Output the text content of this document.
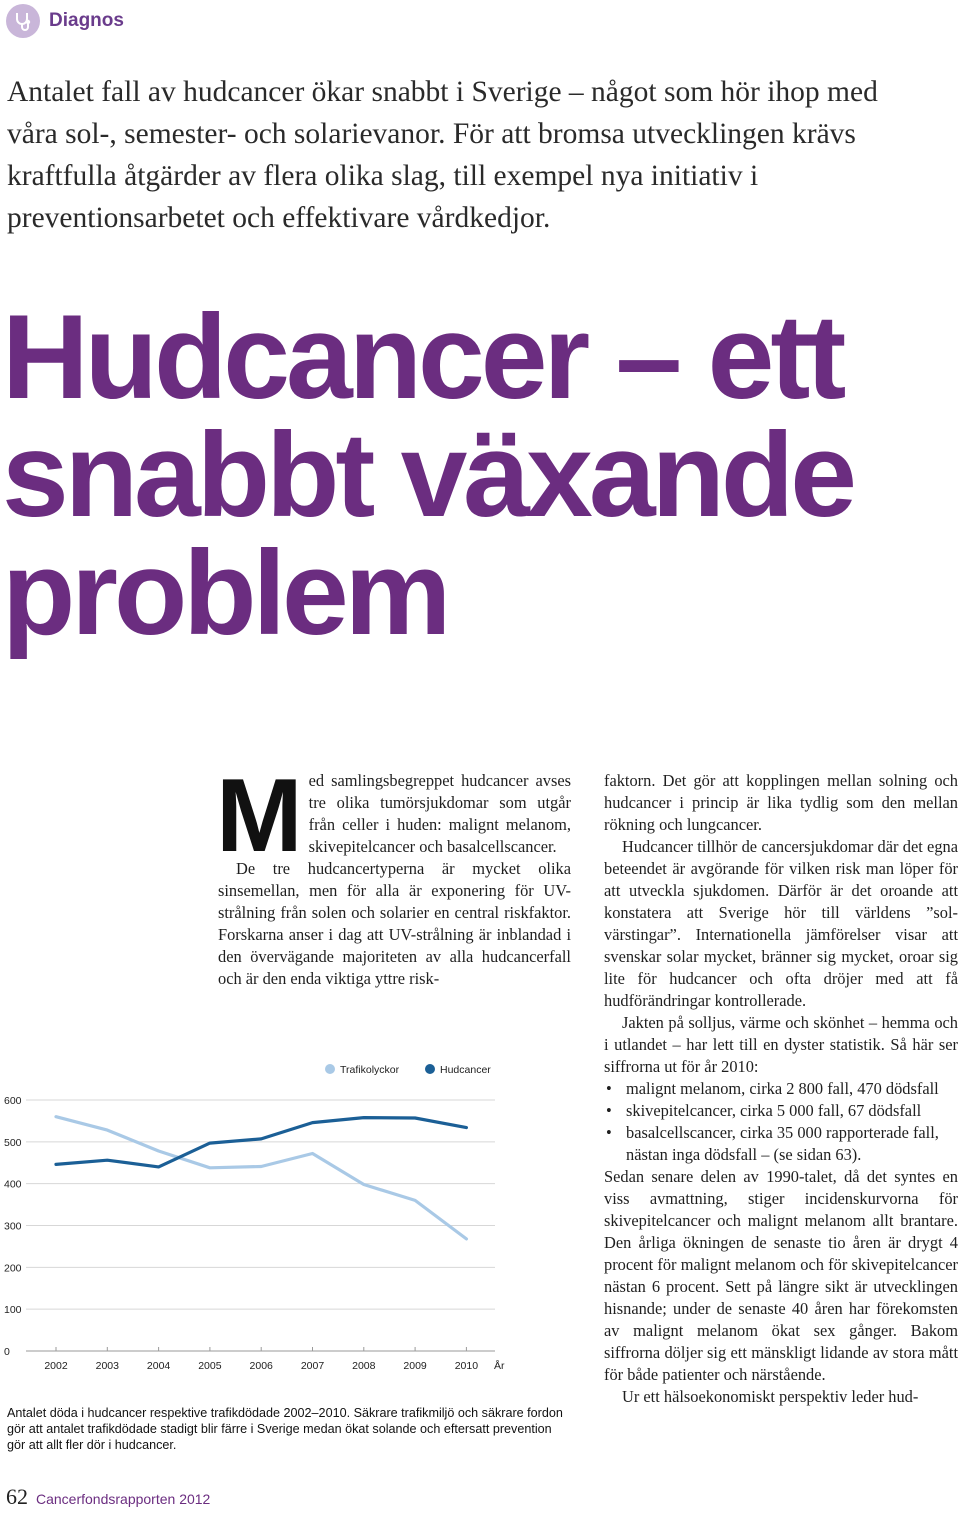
Diagnos
Antalet fall av hudcancer ökar snabbt i Sverige – något som hör ihop med våra sol-, semester- och solarievanor. För att bromsa utvecklingen krävs kraftfulla åtgärder av flera olika slag, till exempel nya initiativ i preventionsarbetet och effektivare vårdkedjor.
Hudcancer – ett snabbt växande problem

Med samlingsbegreppet hudcancer avses tre olika tumörsjukdomar som utgår från celler i huden: malignt melanom, skivepitelcancer och basalcellscancer.

De tre hudcancertyperna är mycket olika sinsemellan, men för alla är exponering för UV-strålning från solen och solarier en central riskfaktor. Forskarna anser i dag att UV-strålning är inblandad i den övervägande majoriteten av alla hudcancerfall och är den enda viktiga yttre risk-

faktorn. Det gör att kopplingen mellan solning och hudcancer i princip är lika tydlig som den mellan rökning och lungcancer.

Hudcancer tillhör de cancersjukdomar där det egna beteendet är avgörande för vilken risk man löper för att utveckla sjukdomen. Därför är det oroande att konstatera att Sverige hör till världens ”sol-värstingar”. Internationella jämförelser visar att svenskar solar mycket, bränner sig mycket, oroar sig lite för hudcancer och ofta dröjer med att få hudförändringar kontrollerade.

Jakten på solljus, värme och skönhet – hemma och i utlandet – har lett till en dyster statistik. Så här ser siffrorna ut för år 2010:

• malignt melanom, cirka 2 800 fall, 470 dödsfall
• skivepitelcancer, cirka 5 000 fall, 67 dödsfall
• basalcellscancer, cirka 35 000 rapporterade fall, nästan inga dödsfall – (se sidan 63).

Sedan senare delen av 1990-talet, då det syntes en viss avmattning, stiger incidenskurvorna för skivepitelcancer och malignt melanom allt brantare. Den årliga ökningen de senaste tio åren är drygt 4 procent för malignt melanom och för skivepitelcancer nästan 6 procent. Sett på längre sikt är utvecklingen hisnande; under de senaste 40 åren har förekomsten av malignt melanom ökat sex gånger. Bakom siffrorna döljer sig ett mänskligt lidande av stora mått för både patienter och närstående.

Ur ett hälsoekonomiskt perspektiv leder hud-

0
100
200
300
400
500
600
2002	2003	2004	2005	2006	2007	2008	2009	2010 År
Trafikolyckor	Hudcancer
Antalet döda i hudcancer respektive trafikdödade 2002–2010. Säkrare trafikmiljö och säkrare fordon gör att antalet trafikdödade stadigt blir färre i Sverige medan ökat solande och eftersatt prevention gör att allt fler dör i hudcancer.
62 Cancerfondsrapporten 2012
